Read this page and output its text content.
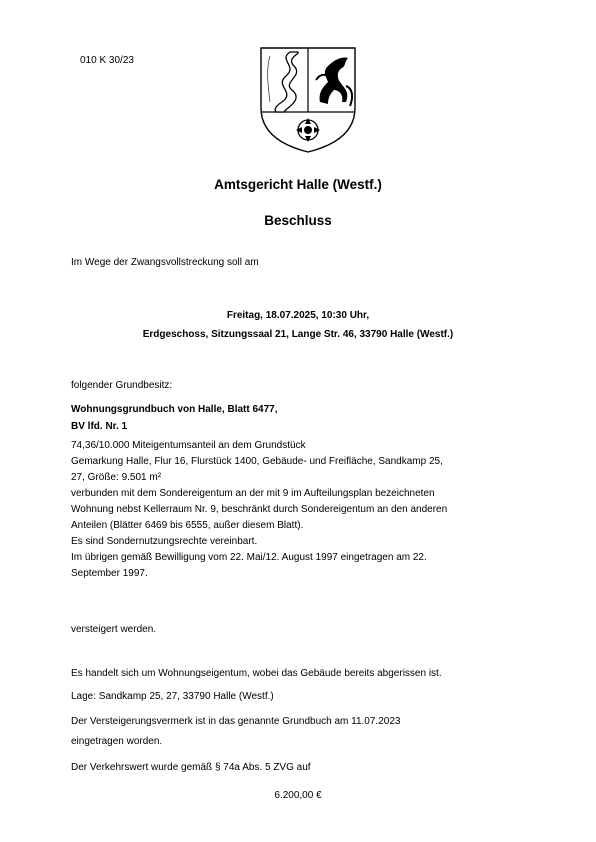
010 K 30/23

Amtsgericht Halle (Westf.)

Beschluss

Im Wege der Zwangsvollstreckung soll am

Freitag, 18.07.2025, 10:30 Uhr,

Erdgeschoss, Sitzungssaal 21, Lange Str. 46, 33790 Halle (Westf.)

folgender Grundbesitz:

Wohnungsgrundbuch von Halle, Blatt 6477,

BV lfd. Nr. 1

74,36/10.000 Miteigentumsanteil an dem Grundstück
Gemarkung Halle, Flur 16, Flurstück 1400, Gebäude- und Freifläche, Sandkamp 25,
27, Größe: 9.501 m²
verbunden mit dem Sondereigentum an der mit 9 im Aufteilungsplan bezeichneten
Wohnung nebst Kellerraum Nr. 9, beschränkt durch Sondereigentum an den anderen
Anteilen (Blätter 6469 bis 6555, außer diesem Blatt).
Es sind Sondernutzungsrechte vereinbart.
Im übrigen gemäß Bewilligung vom 22. Mai/12. August 1997 eingetragen am 22.
September 1997.

versteigert werden.

Es handelt sich um Wohnungseigentum, wobei das Gebäude bereits abgerissen ist.

Lage: Sandkamp 25, 27, 33790 Halle (Westf.)

Der Versteigerungsvermerk ist in das genannte Grundbuch am 11.07.2023

eingetragen worden.

Der Verkehrswert wurde gemäß § 74a Abs. 5 ZVG auf

6.200,00 €
